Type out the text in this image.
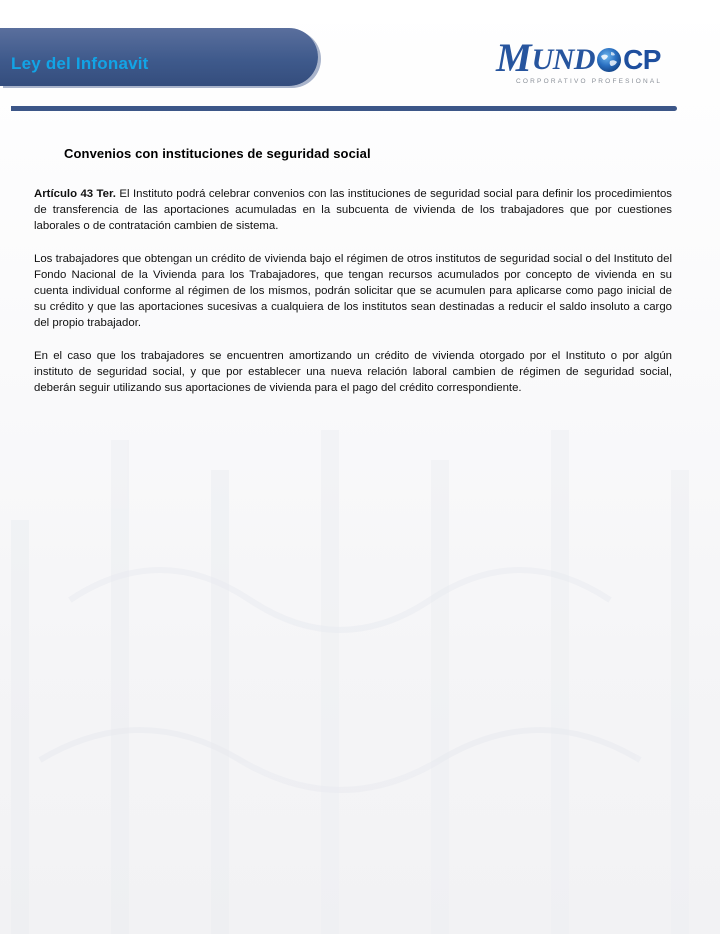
Ley del Infonavit	M UND CP
CORPORATIVO PROFESIONAL
Convenios con instituciones de seguridad social

Artículo 43 Ter. El Instituto podrá celebrar convenios con las instituciones de seguridad social para definir los procedimientos de transferencia de las aportaciones acumuladas en la subcuenta de vivienda de los trabajadores que por cuestiones laborales o de contratación cambien de sistema.

Los trabajadores que obtengan un crédito de vivienda bajo el régimen de otros institutos de seguridad social o del Instituto del Fondo Nacional de la Vivienda para los Trabajadores, que tengan recursos acumulados por concepto de vivienda en su cuenta individual conforme al régimen de los mismos, podrán solicitar que se acumulen para aplicarse como pago inicial de su crédito y que las aportaciones sucesivas a cualquiera de los institutos sean destinadas a reducir el saldo insoluto a cargo del propio trabajador.

En el caso que los trabajadores se encuentren amortizando un crédito de vivienda otorgado por el Instituto o por algún instituto de seguridad social, y que por establecer una nueva relación laboral cambien de régimen de seguridad social, deberán seguir utilizando sus aportaciones de vivienda para el pago del crédito correspondiente.
